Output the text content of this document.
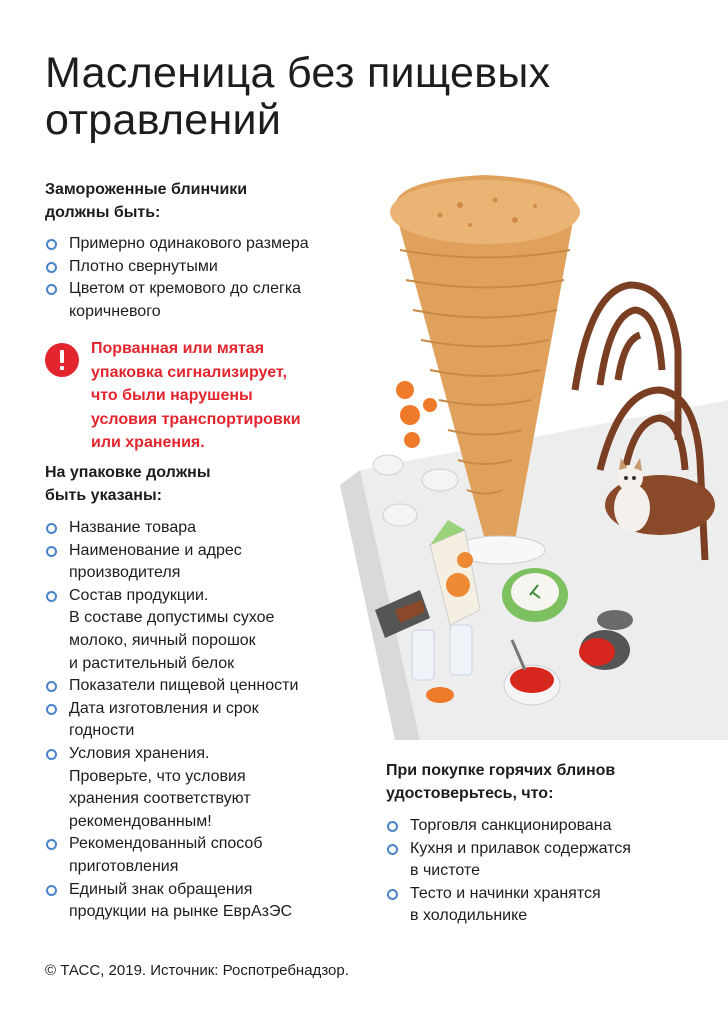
Масленица без пищевых
отравлений
Замороженные блинчики
должны быть:
Примерно одинакового размера
Плотно свернутыми
Цветом от кремового до слегка
коричневого
Порванная или мятая
упаковка сигнализирует,
что были нарушены
условия транспортировки
или хранения.
На упаковке должны
быть указаны:
Название товара
Наименование и адрес
производителя
Состав продукции.
В составе допустимы сухое
молоко, яичный порошок
и растительный белок
Показатели пищевой ценности
Дата изготовления и срок
годности
Условия хранения.
Проверьте, что условия
хранения соответствуют
рекомендованным!
Рекомендованный способ
приготовления
Единый знак обращения
продукции на рынке ЕврАзЭС
При покупке горячих блинов
удостоверьтесь, что:
Торговля санкционирована
Кухня и прилавок содержатся
в чистоте
Тесто и начинки хранятся
в холодильнике
© ТАСС, 2019. Источник: Роспотребнадзор.
